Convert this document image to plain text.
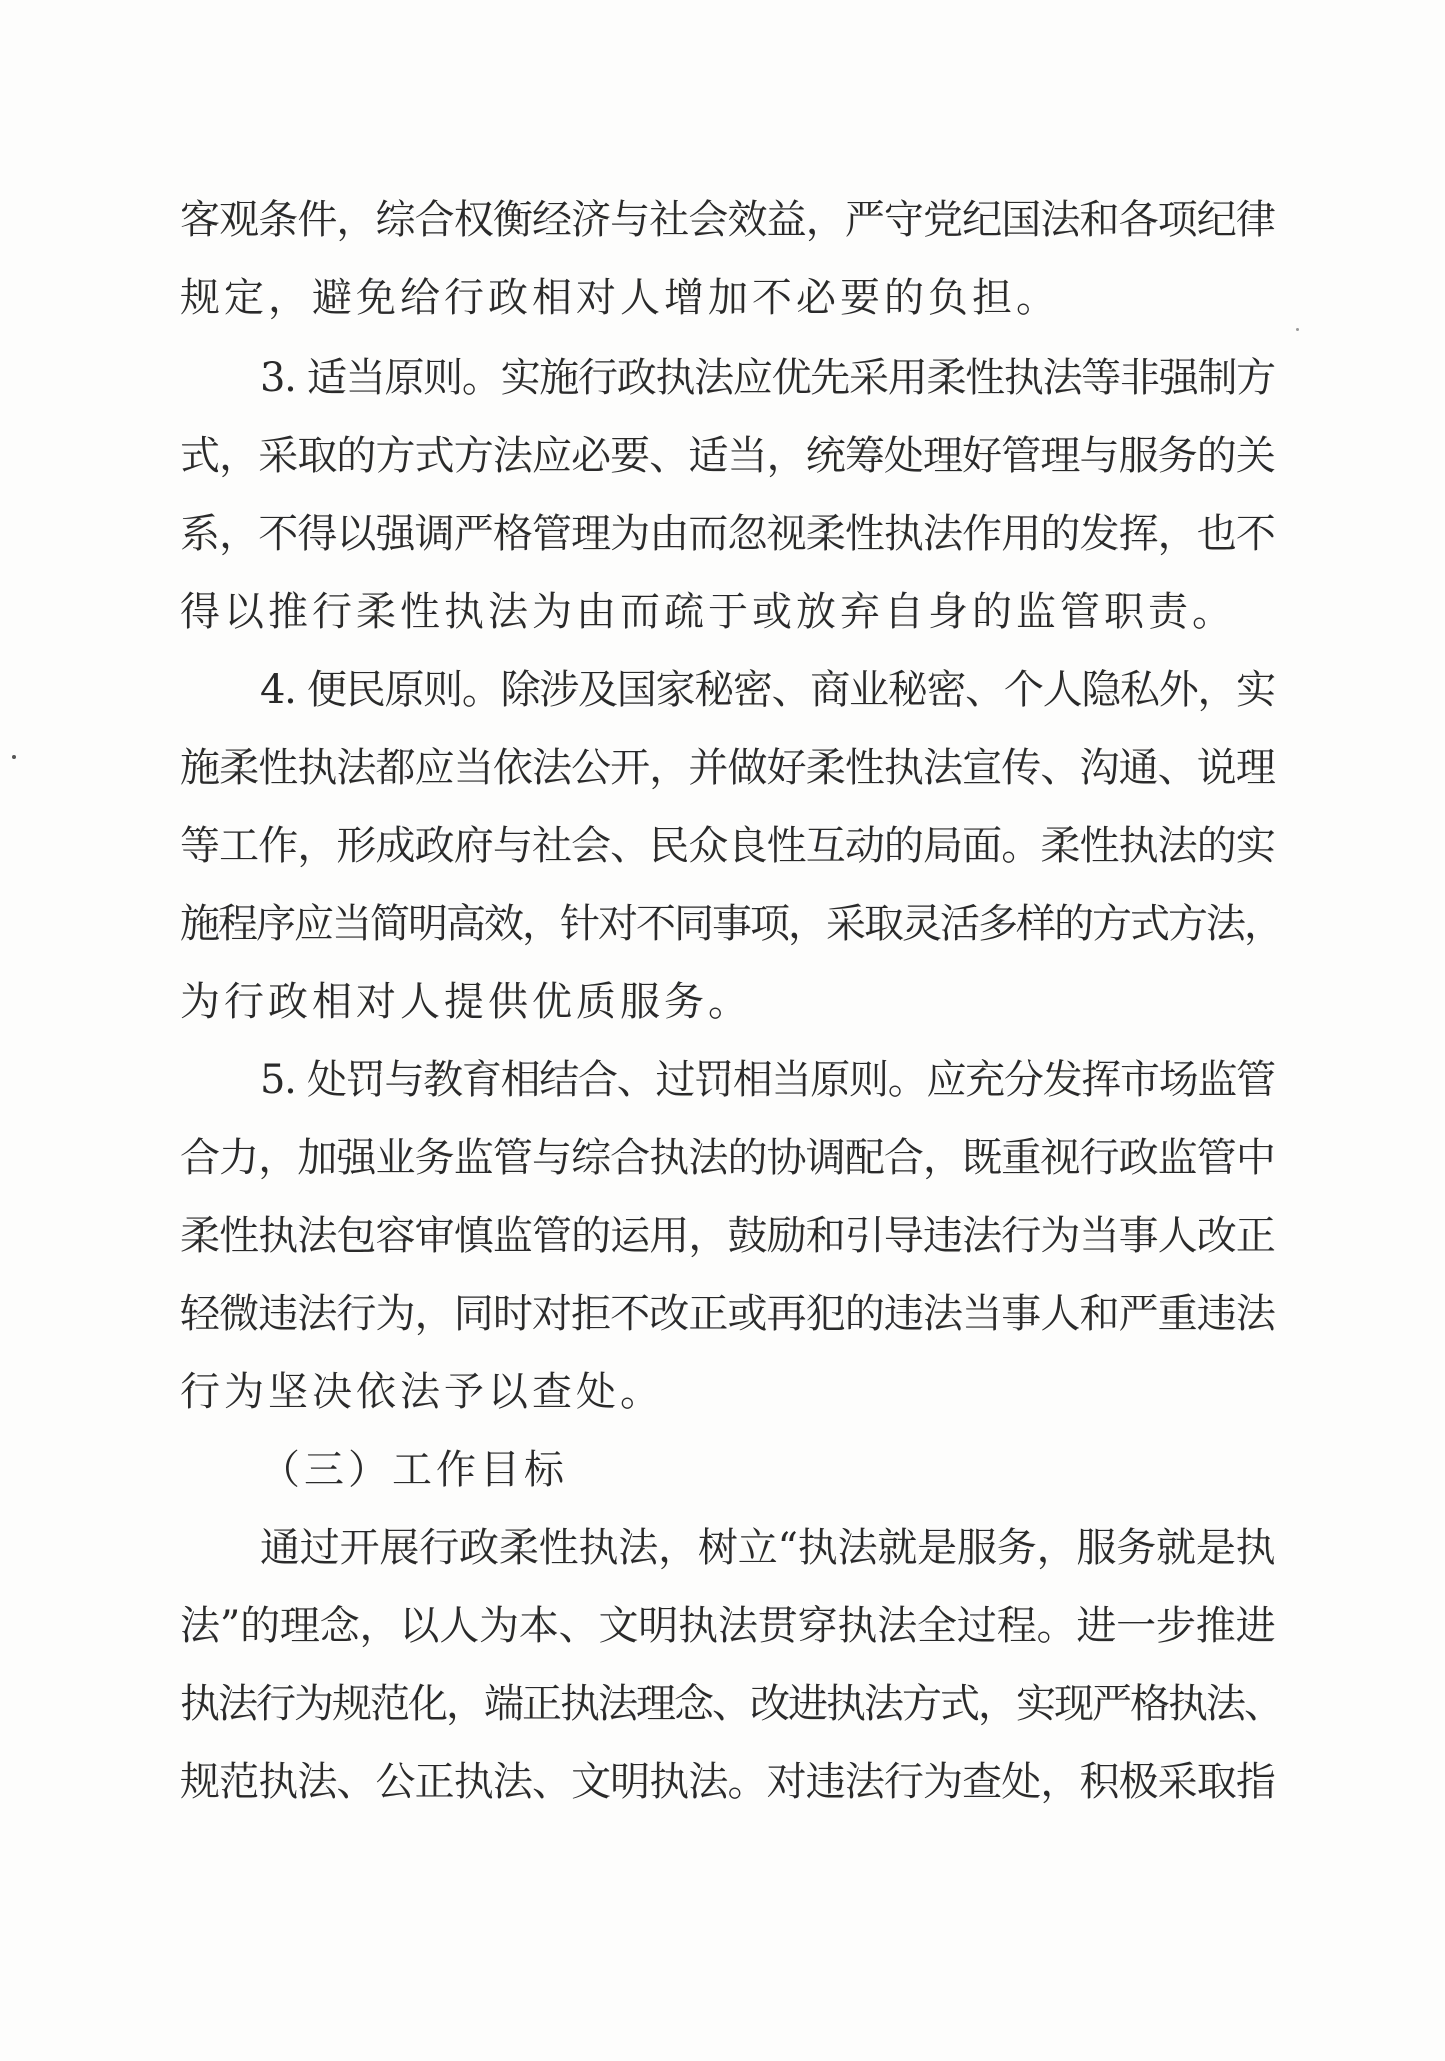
客观条件，综合权衡经济与社会效益，严守党纪国法和各项纪律
规定，避免给行政相对人增加不必要的负担。
3. 适当原则。实施行政执法应优先采用柔性执法等非强制方
式，采取的方式方法应必要、适当，统筹处理好管理与服务的关
系，不得以强调严格管理为由而忽视柔性执法作用的发挥，也不
得以推行柔性执法为由而疏于或放弃自身的监管职责。
4. 便民原则。除涉及国家秘密、商业秘密、个人隐私外，实
施柔性执法都应当依法公开，并做好柔性执法宣传、沟通、说理
等工作，形成政府与社会、民众良性互动的局面。柔性执法的实
施程序应当简明高效，针对不同事项，采取灵活多样的方式方法，
为行政相对人提供优质服务。
5. 处罚与教育相结合、过罚相当原则。应充分发挥市场监管
合力，加强业务监管与综合执法的协调配合，既重视行政监管中
柔性执法包容审慎监管的运用，鼓励和引导违法行为当事人改正
轻微违法行为，同时对拒不改正或再犯的违法当事人和严重违法
行为坚决依法予以查处。
（三）工作目标
通过开展行政柔性执法，树立“执法就是服务，服务就是执
法”的理念，以人为本、文明执法贯穿执法全过程。进一步推进
执法行为规范化，端正执法理念、改进执法方式，实现严格执法、
规范执法、公正执法、文明执法。对违法行为查处，积极采取指
